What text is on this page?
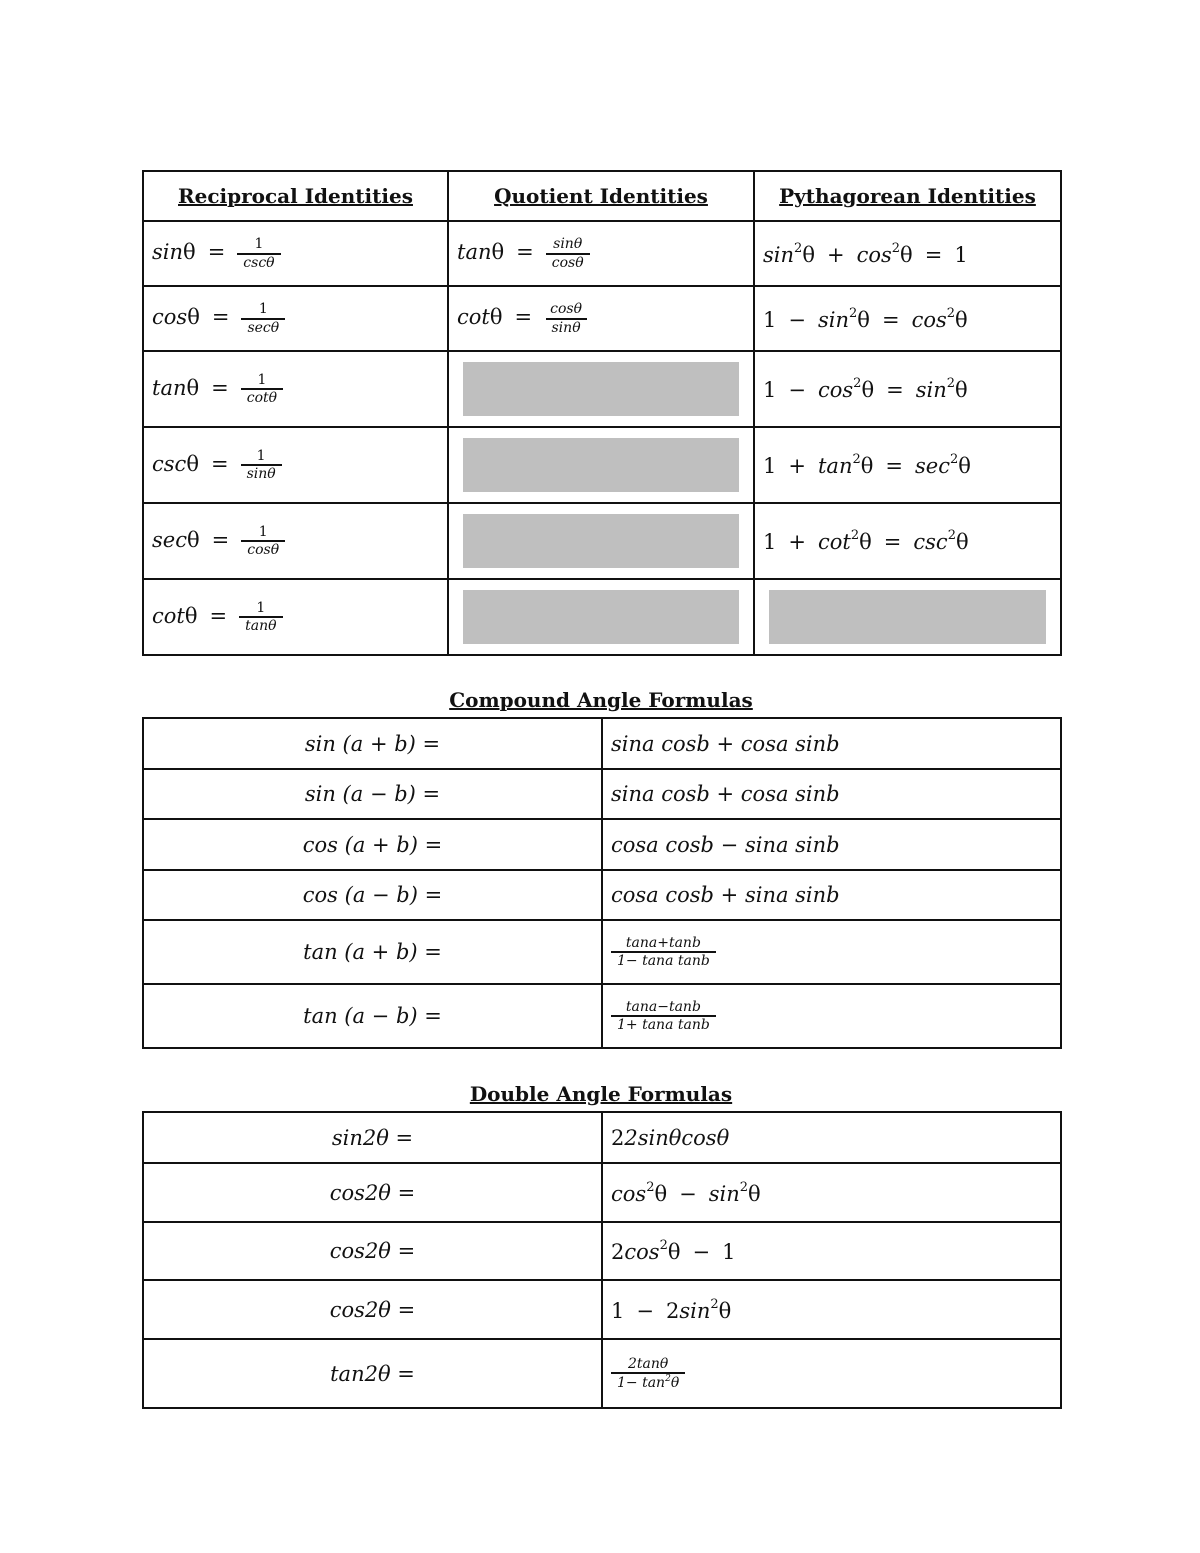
Reciprocal Identities	Quotient Identities	Pythagorean Identities
$\sin\theta = \frac{1}{\csc\theta}$	$\tan\theta = \frac{\sin\theta}{\cos\theta}$	$\sin^2\theta + \cos^2\theta = 1$
$\cos\theta = \frac{1}{\sec\theta}$	$\cot\theta = \frac{\cos\theta}{\sin\theta}$	$1 - \sin^2\theta = \cos^2\theta$
$\tan\theta = \frac{1}{\cot\theta}$		$1 - \cos^2\theta = \sin^2\theta$
$\csc\theta = \frac{1}{\sin\theta}$		$1 + \tan^2\theta = \sec^2\theta$
$\sec\theta = \frac{1}{\cos\theta}$		$1 + \cot^2\theta = \csc^2\theta$
$\cot\theta = \frac{1}{\tan\theta}$

Compound Angle Formulas
sin (a + b) =	sina cosb + cosa sinb
sin (a − b) =	sina cosb + cosa sinb
cos (a + b) =	cosa cosb − sina sinb
cos (a − b) =	cosa cosb + sina sinb
tan (a + b) =	$\frac{\tan a+\tan b}{\text{1− tana tanb}}$

tan (a − b) =	$\frac{\tan a-\tan b}{\text{1+ tana tanb}}$
Double Angle Formulas
sin2θ =	22sinθcosθ
cos2θ =	$\cos^2\theta - \sin^2\theta$
cos2θ =	$2\cos^2\theta - 1$
cos2θ =	$1 - 2\sin^2\theta$
tan2θ =	$\frac{2\tan\theta}{1- \tan^2\theta}$
